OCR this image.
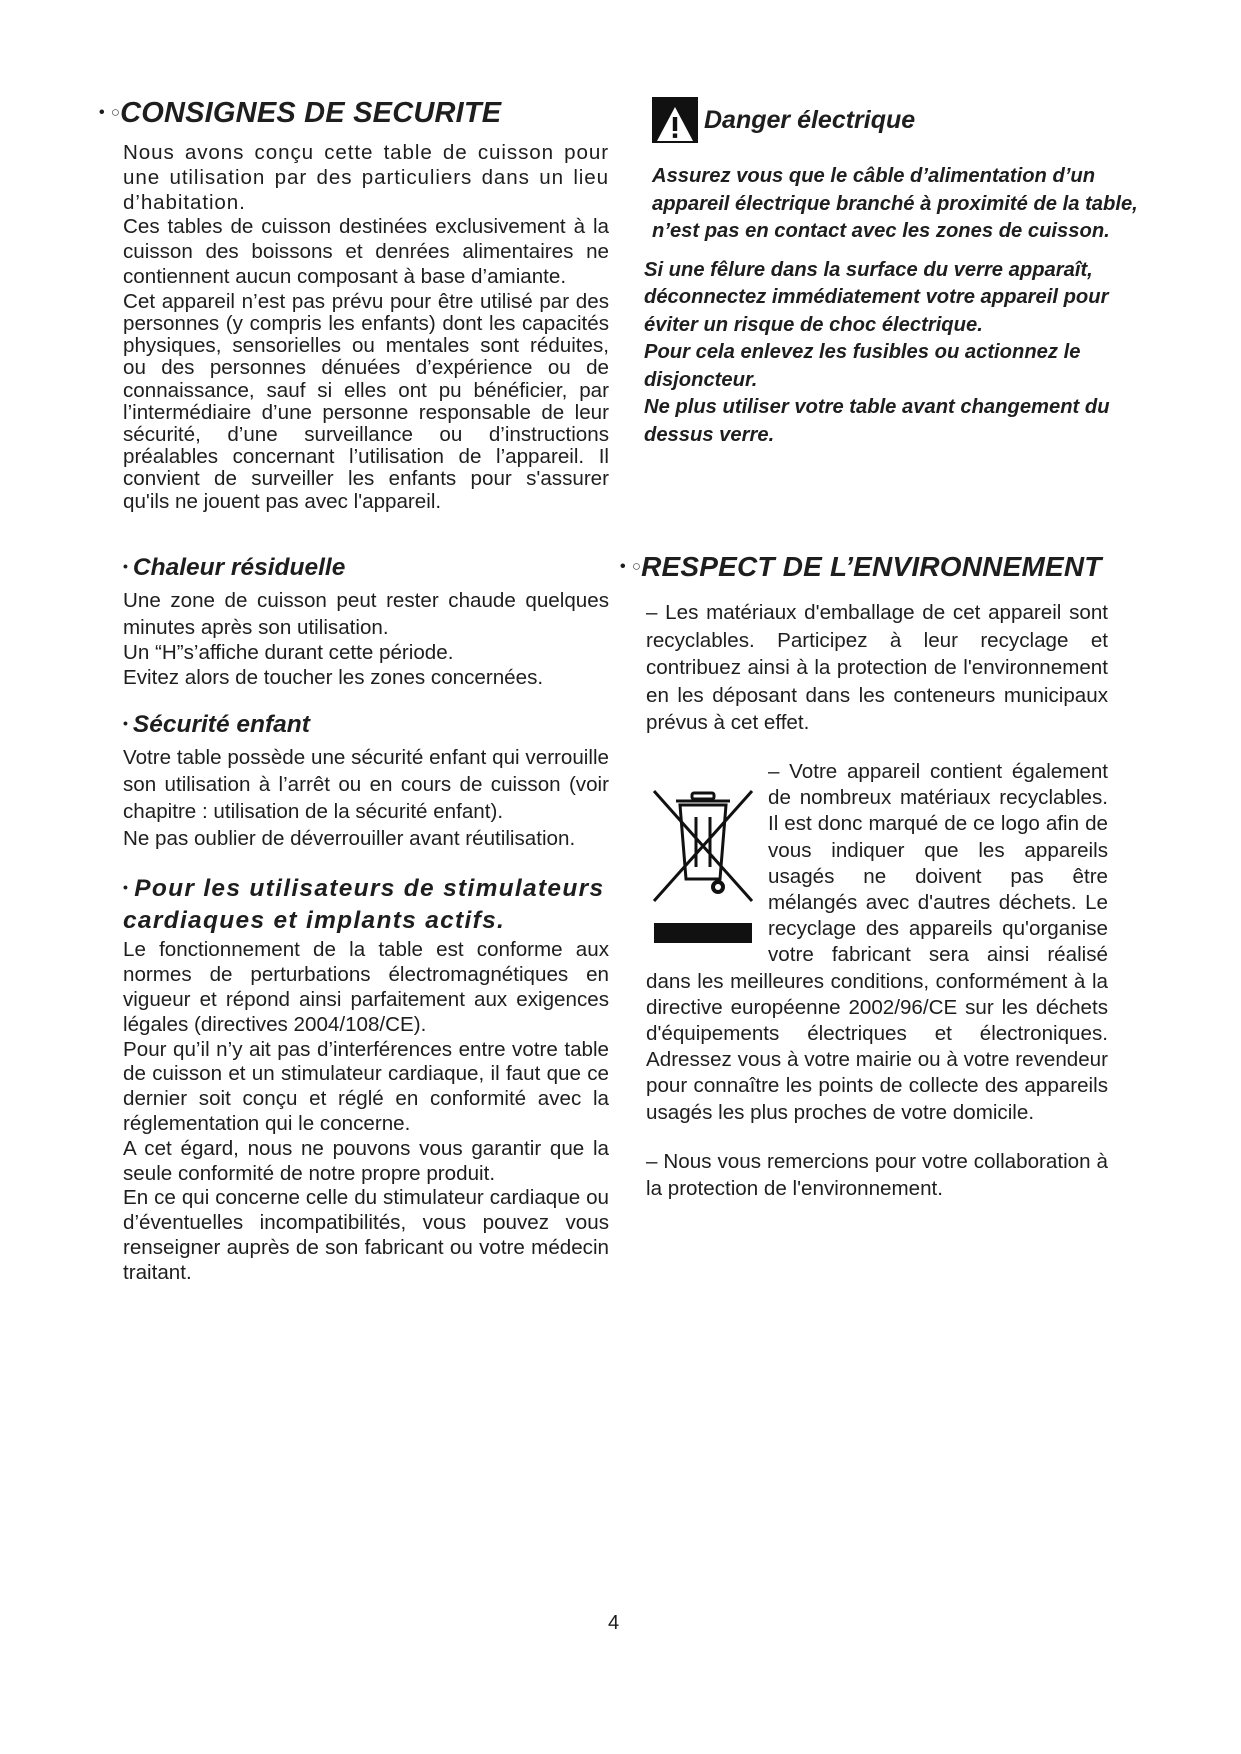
• ○CONSIGNES DE SECURITE

Nous avons conçu cette table de cuisson pour une utilisation par des particuliers dans un lieu d’habitation.

Ces tables de cuisson destinées exclusivement à la cuisson des boissons et denrées alimentaires ne contiennent aucun composant à base d’amiante.

Cet appareil n’est pas prévu pour être utilisé par des personnes (y compris les enfants) dont les capacités physiques, sensorielles ou mentales sont réduites, ou des personnes dénuées d’expérience ou de connaissance, sauf si elles ont pu bénéficier, par l’intermédiaire d’une personne responsable de leur sécurité, d’une surveillance ou d’instructions préalables concernant l’utilisation de l’appareil. Il convient de surveiller les enfants pour s'assurer qu'ils ne jouent pas avec l'appareil.

• Chaleur résiduelle

Une zone de cuisson peut rester chaude quelques minutes après son utilisation.

Un “H”s’affiche durant cette période.

Evitez alors de toucher les zones concernées.

• Sécurité enfant

Votre table possède une sécurité enfant qui verrouille son utilisation à l’arrêt ou en cours de cuisson (voir chapitre : utilisation de la sécurité enfant).

Ne pas oublier de déverrouiller avant réutilisation.

• Pour les utilisateurs de stimulateurs cardiaques et implants actifs.

Le fonctionnement de la table est conforme aux normes de perturbations électromagnétiques en vigueur et répond ainsi parfaitement aux exigences légales (directives 2004/108/CE).

Pour qu’il n’y ait pas d’interférences entre votre table de cuisson et un stimulateur cardiaque, il faut que ce dernier soit conçu et réglé en conformité avec la réglementation qui le concerne.

A cet égard, nous ne pouvons vous garantir que la seule conformité de notre propre produit.

En ce qui concerne celle du stimulateur cardiaque ou d’éventuelles incompatibilités, vous pouvez vous renseigner auprès de son fabricant ou votre médecin traitant.

Danger électrique

Assurez vous que le câble d’alimentation d’un appareil électrique branché à proximité de la table, n’est pas en contact avec les zones de cuisson.

Si une fêlure dans la surface du verre apparaît, déconnectez immédiatement votre appareil pour éviter un risque de choc électrique.

Pour cela enlevez les fusibles ou actionnez le disjoncteur.

Ne plus utiliser votre table avant changement du dessus verre.

• ○RESPECT DE L’ENVIRONNEMENT

– Les matériaux d'emballage de cet appareil sont recyclables. Participez à leur recyclage et contribuez ainsi à la protection de l'environnement en les déposant dans les conteneurs municipaux prévus à cet effet.

– Votre appareil contient également de nombreux matériaux recyclables. Il est donc marqué de ce logo afin de vous indiquer que les appareils usagés ne doivent pas être mélangés avec d'autres déchets. Le recyclage des appareils qu'organise votre fabricant sera ainsi réalisé dans les meilleures conditions, conformément à la directive européenne 2002/96/CE sur les déchets d'équipements électriques et électroniques. Adressez vous à votre mairie ou à votre revendeur pour connaître les points de collecte des appareils usagés les plus proches de votre domicile.

– Nous vous remercions pour votre collaboration à la protection de l'environnement.

4
